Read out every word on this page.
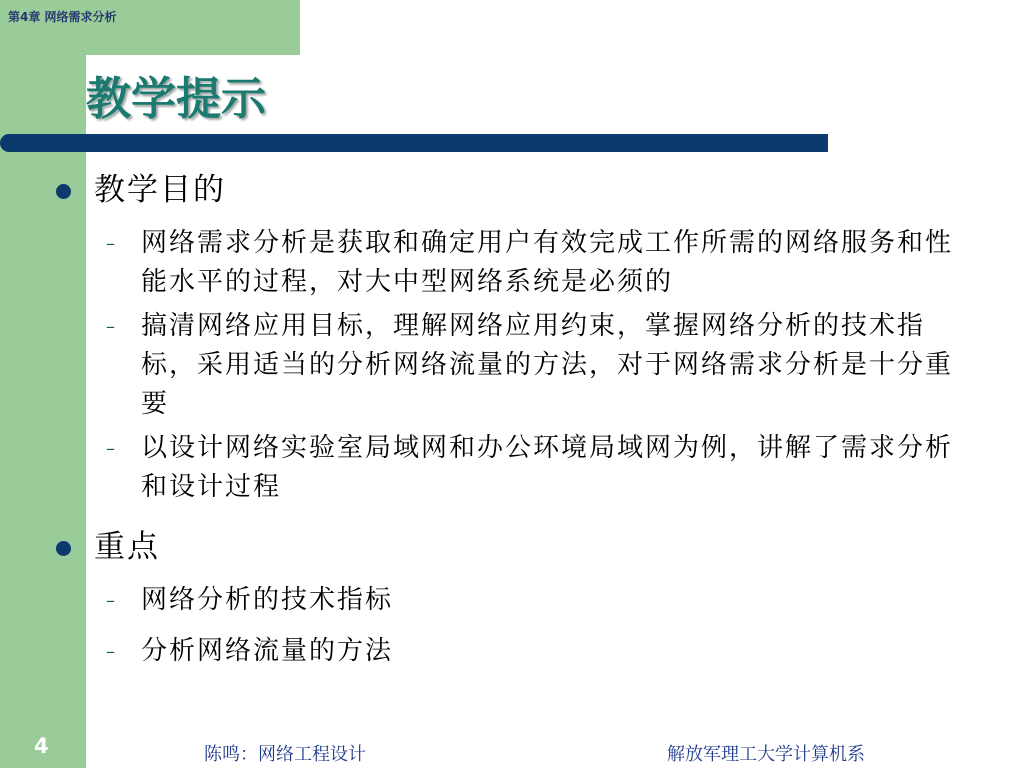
第4章 网络需求分析
教学提示
教学目的
– 网络需求分析是获取和确定用户有效完成工作所需的网络服务和性能水平的过程，对大中型网络系统是必须的
– 搞清网络应用目标，理解网络应用约束，掌握网络分析的技术指标，采用适当的分析网络流量的方法，对于网络需求分析是十分重要
– 以设计网络实验室局域网和办公环境局域网为例，讲解了需求分析和设计过程
重点
– 网络分析的技术指标
– 分析网络流量的方法
4	陈鸣：网络工程设计	解放军理工大学计算机系
